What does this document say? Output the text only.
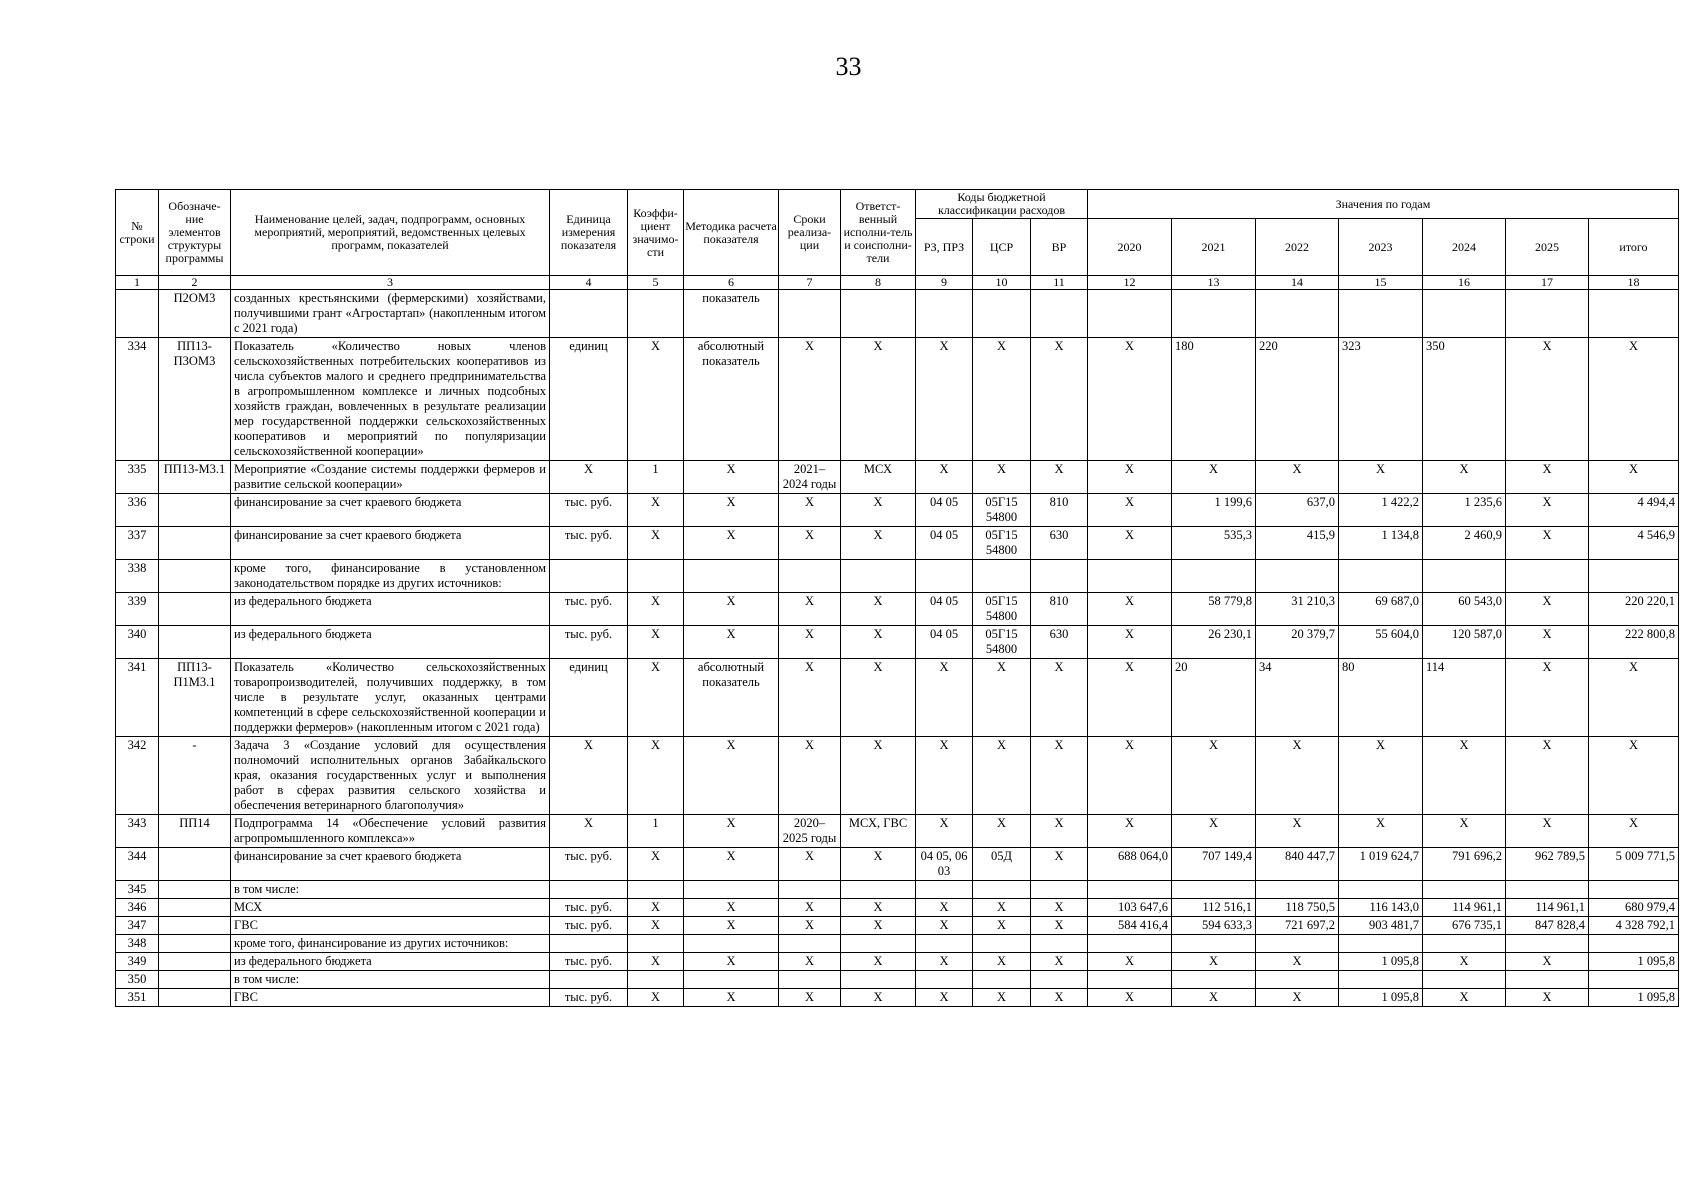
33
№ строки	Обозначе-ние элементов структуры программы	Наименование целей, задач, подпрограмм, основных мероприятий, мероприятий, ведомственных целевых программ, показателей	Единица измерения показателя	Коэффи-циент значимо-сти	Методика расчета показателя	Сроки реализа-ции	Ответст-венный исполни-тель и соисполни-тели	Коды бюджетной классификации расходов			Значения по годам						
								РЗ, ПРЗ	ЦСР	ВР	2020	2021	2022	2023	2024	2025	итого
1	2	3	4	5	6	7	8	9	10	11	12	13	14	15	16	17	18
	П2ОМ3	созданных крестьянскими (фермерскими) хозяйствами, получившими грант «Агростартап» (накопленным итогом с 2021 года)			показатель												
334	ПП13-П3ОМ3	Показатель «Количество новых членов сельскохозяйственных потребительских кооперативов из числа субъектов малого и среднего предпринимательства в агропромышленном комплексе и личных подсобных хозяйств граждан, вовлеченных в результате реализации мер государственной поддержки сельскохозяйственных кооперативов и мероприятий по популяризации сельскохозяйственной кооперации»	единиц	X	абсолютный показатель	X	X	X	X	X	X	180	220	323	350	X	X
335	ПП13-М3.1	Мероприятие «Создание системы поддержки фермеров и развитие сельской кооперации»	X	1	X	2021–2024 годы	МСХ	X	X	X	X	X	X	X	X	X	X
336		финансирование за счет краевого бюджета	тыс. руб.	X	X	X	X	04 05	05Г15 54800	810	X	1 199,6	637,0	1 422,2	1 235,6	X	4 494,4
337		финансирование за счет краевого бюджета	тыс. руб.	X	X	X	X	04 05	05Г15 54800	630	X	535,3	415,9	1 134,8	2 460,9	X	4 546,9
338		кроме того, финансирование в установленном законодательством порядке из других источников:															
339		из федерального бюджета	тыс. руб.	X	X	X	X	04 05	05Г15 54800	810	X	58 779,8	31 210,3	69 687,0	60 543,0	X	220 220,1
340		из федерального бюджета	тыс. руб.	X	X	X	X	04 05	05Г15 54800	630	X	26 230,1	20 379,7	55 604,0	120 587,0	X	222 800,8
341	ПП13-П1М3.1	Показатель «Количество сельскохозяйственных товаропроизводителей, получивших поддержку, в том числе в результате услуг, оказанных центрами компетенций в сфере сельскохозяйственной кооперации и поддержки фермеров» (накопленным итогом с 2021 года)	единиц	X	абсолютный показатель	X	X	X	X	X	X	20	34	80	114	X	X
342	-	Задача 3 «Создание условий для осуществления полномочий исполнительных органов Забайкальского края, оказания государственных услуг и выполнения работ в сферах развития сельского хозяйства и обеспечения ветеринарного благополучия»	X	X	X	X	X	X	X	X	X	X	X	X	X	X	X
343	ПП14	Подпрограмма 14 «Обеспечение условий развития агропромышленного комплекса»»	X	1	X	2020–2025 годы	МСХ, ГВС	X	X	X	X	X	X	X	X	X	X
344		финансирование за счет краевого бюджета	тыс. руб.	X	X	X	X	04 05, 06 03	05Д	X	688 064,0	707 149,4	840 447,7	1 019 624,7	791 696,2	962 789,5	5 009 771,5
345		в том числе:															
346		МСХ	тыс. руб.	X	X	X	X	X	X	X	103 647,6	112 516,1	118 750,5	116 143,0	114 961,1	114 961,1	680 979,4
347		ГВС	тыс. руб.	X	X	X	X	X	X	X	584 416,4	594 633,3	721 697,2	903 481,7	676 735,1	847 828,4	4 328 792,1
348		кроме того, финансирование из других источников:															
349		из федерального бюджета	тыс. руб.	X	X	X	X	X	X	X	X	X	X	1 095,8	X	X	1 095,8
350		в том числе:															
351		ГВС	тыс. руб.	X	X	X	X	X	X	X	X	X	X	1 095,8	X	X	1 095,8
